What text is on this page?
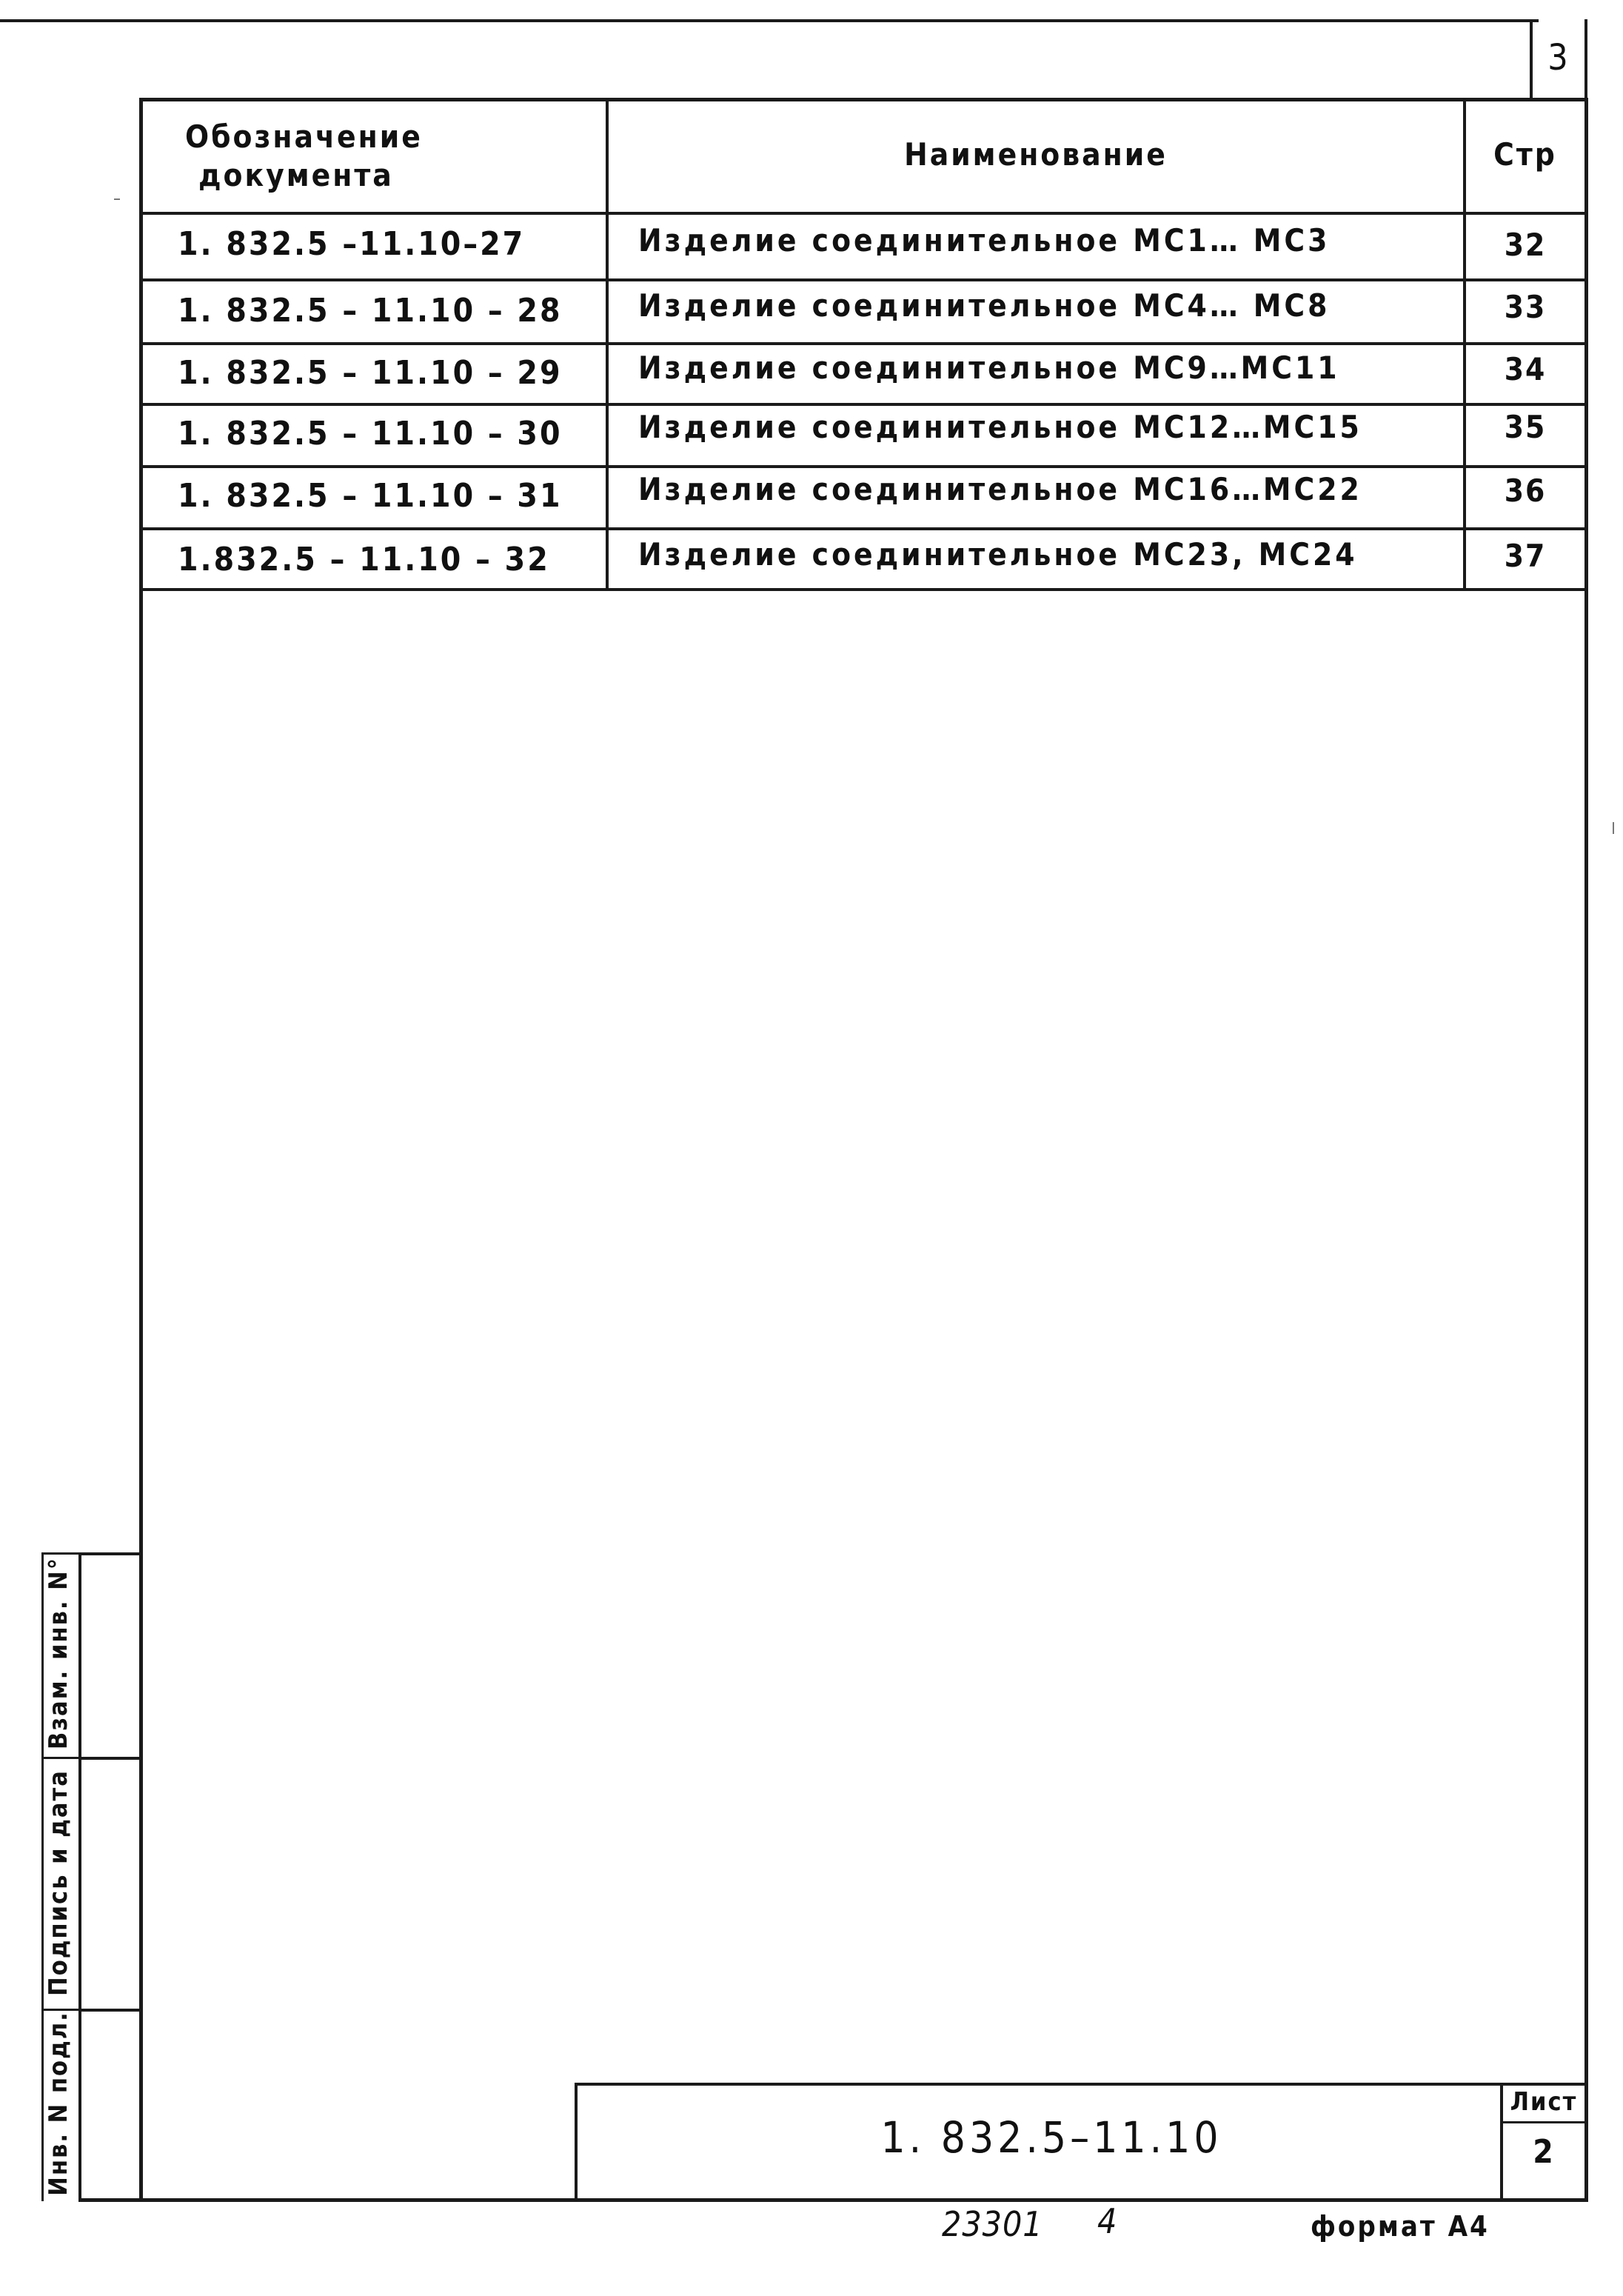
3
Обозначение
документа
Наименование	Стр
1. 832.5 –11.10–27	Изделие соединительное МС1… МС3	32
1. 832.5 – 11.10 – 28 Изделие соединительное МС4… МС8	33
1. 832.5 – 11.10 – 29 Изделие соединительное МС9…МС11	34
1. 832.5 – 11.10 – 30 Изделие соединительное МС12…МС15	35
1. 832.5 – 11.10 – 31 Изделие соединительное МС16…МС22	36
1.832.5 – 11.10 – 32	Изделие соединительное МС23, МС24	37
Взам. инв. N°
Подпись и дата
Инв. N подл.	1. 832.5–11.10
Лист
2
23301 4	формат А4
